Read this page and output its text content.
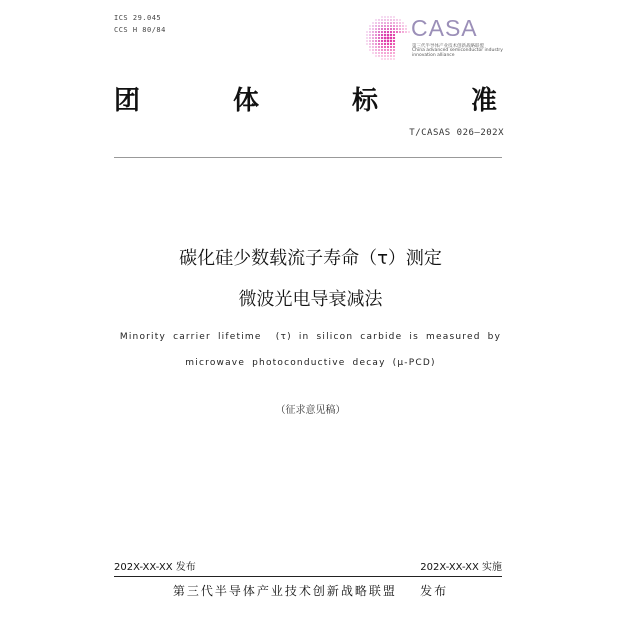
ICS 29.045
CCS H 80/84	CASA
第三代半导体产业技术创新战略联盟
China advanced semiconductor industry
innovation alliance
团	体	标	准
T/CASAS 026—202X
碳化硅少数载流子寿命（τ）测定
微波光电导衰减法
Minority carrier lifetime  (τ) in silicon carbide is measured by
microwave photoconductive decay (μ-PCD)
（征求意见稿）
202X-XX-XX 发布	202X-XX-XX 实施
第三代半导体产业技术创新战略联盟    发布
